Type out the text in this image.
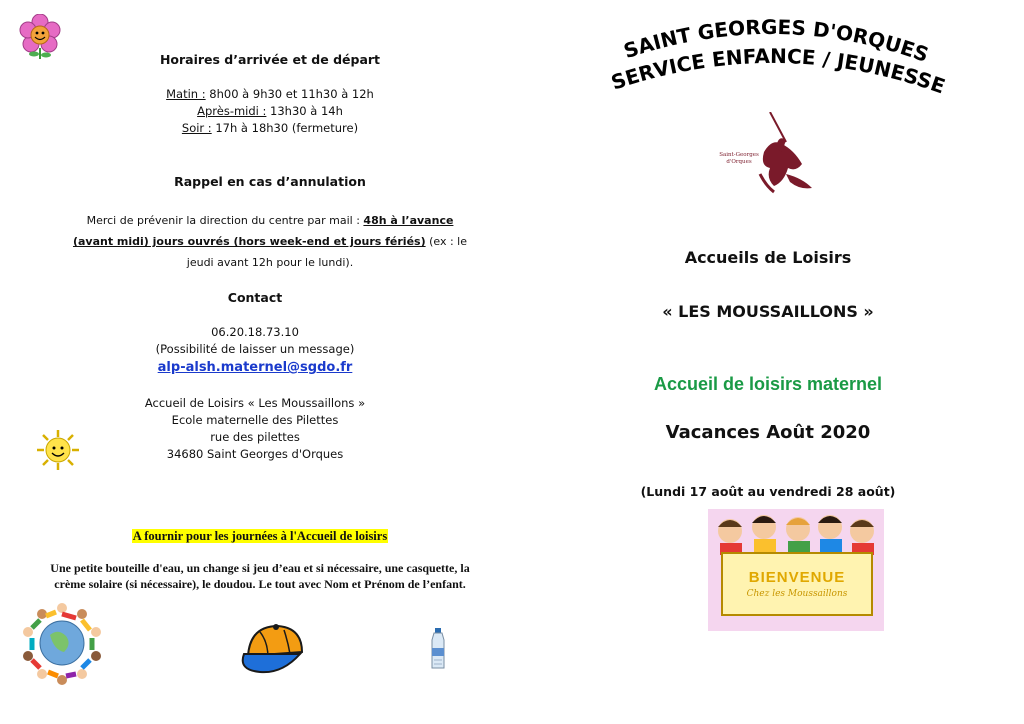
Horaires d’arrivée et de départ
Matin : 8h00 à 9h30 et 11h30 à 12h
Après-midi : 13h30 à 14h
Soir : 17h à 18h30 (fermeture)
Rappel en cas d’annulation
Merci de prévenir la direction du centre par mail : 48h à l’avance
(avant midi) jours ouvrés (hors week-end et jours fériés) (ex : le
jeudi avant 12h pour le lundi).
Contact
06.20.18.73.10
(Possibilité de laisser un message)
alp-alsh.maternel@sgdo.fr
Accueil de Loisirs « Les Moussaillons »
Ecole maternelle des Pilettes
rue des pilettes
34680 Saint Georges d'Orques
A fournir pour les journées à l'Accueil de loisirs
Une petite bouteille d'eau, un change si jeu d’eau et si nécessaire, une casquette, la
crème solaire (si nécessaire), le doudou. Le tout avec Nom et Prénom de l’enfant.
SAINT GEORGES D'ORQUES
SERVICE ENFANCE / JEUNESSE
Saint-Georges d'Orques
Accueils de Loisirs
« LES MOUSSAILLONS »
Accueil de loisirs maternel
Vacances Août 2020
(Lundi 17 août au vendredi 28 août)
BIENVENUE
Chez les Moussaillons
